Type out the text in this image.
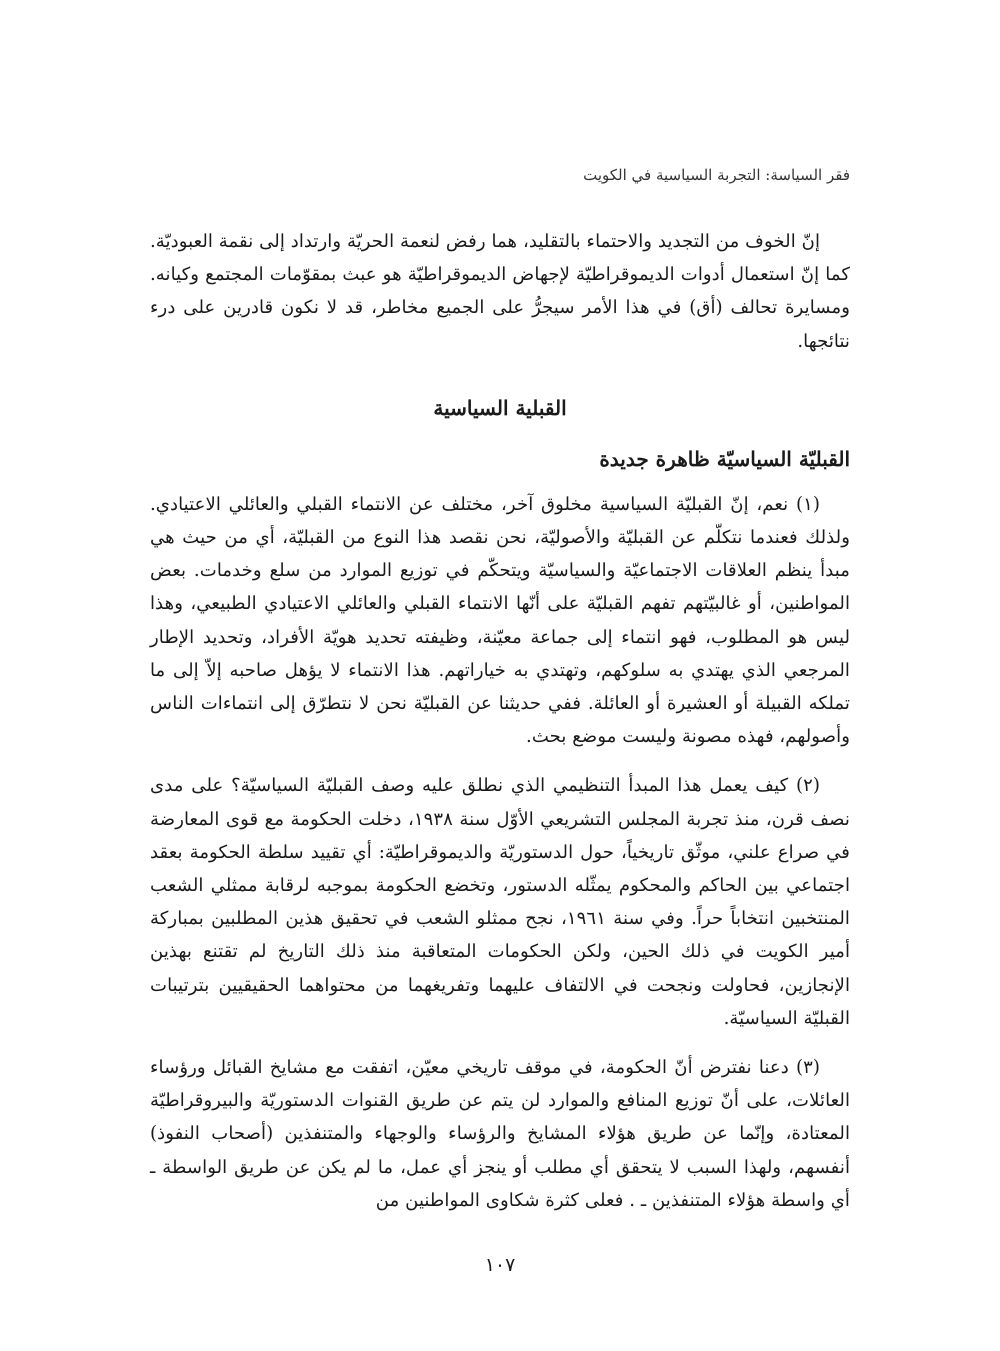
فقر السياسة: التجربة السياسية في الكويت

إنّ الخوف من التجديد والاحتماء بالتقليد، هما رفض لنعمة الحريّة وارتداد إلى نقمة العبوديّة. كما إنّ استعمال أدوات الديموقراطيّة لإجهاض الديموقراطيّة هو عبث بمقوّمات المجتمع وكيانه. ومسايرة تحالف (أق) في هذا الأمر سيجرُّ على الجميع مخاطر، قد لا نكون قادرين على درء نتائجها.

القبلية السياسية
القبليّة السياسيّة ظاهرة جديدة

(١) نعم، إنّ القبليّة السياسية مخلوق آخر، مختلف عن الانتماء القبلي والعائلي الاعتيادي. ولذلك فعندما نتكلّم عن القبليّة والأصوليّة، نحن نقصد هذا النوع من القبليّة، أي من حيث هي مبدأ ينظم العلاقات الاجتماعيّة والسياسيّة ويتحكّم في توزيع الموارد من سلع وخدمات. بعض المواطنين، أو غالبيّتهم تفهم القبليّة على أنّها الانتماء القبلي والعائلي الاعتيادي الطبيعي، وهذا ليس هو المطلوب، فهو انتماء إلى جماعة معيّنة، وظيفته تحديد هويّة الأفراد، وتحديد الإطار المرجعي الذي يهتدي به سلوكهم، وتهتدي به خياراتهم. هذا الانتماء لا يؤهل صاحبه إلاّ إلى ما تملكه القبيلة أو العشيرة أو العائلة. ففي حديثنا عن القبليّة نحن لا نتطرّق إلى انتماءات الناس وأصولهم، فهذه مصونة وليست موضع بحث.

(٢) كيف يعمل هذا المبدأ التنظيمي الذي نطلق عليه وصف القبليّة السياسيّة؟ على مدى نصف قرن، منذ تجربة المجلس التشريعي الأوّل سنة ١٩٣٨، دخلت الحكومة مع قوى المعارضة في صراع علني، موثّق تاريخياً، حول الدستوريّة والديموقراطيّة: أي تقييد سلطة الحكومة بعقد اجتماعي بين الحاكم والمحكوم يمثّله الدستور، وتخضع الحكومة بموجبه لرقابة ممثلي الشعب المنتخبين انتخاباً حراً. وفي سنة ١٩٦١، نجح ممثلو الشعب في تحقيق هذين المطلبين بمباركة أمير الكويت في ذلك الحين، ولكن الحكومات المتعاقبة منذ ذلك التاريخ لم تقتنع بهذين الإنجازين، فحاولت ونجحت في الالتفاف عليهما وتفريغهما من محتواهما الحقيقيين بترتيبات القبليّة السياسيّة.

(٣) دعنا نفترض أنّ الحكومة، في موقف تاريخي معيّن، اتفقت مع مشايخ القبائل ورؤساء العائلات، على أنّ توزيع المنافع والموارد لن يتم عن طريق القنوات الدستوريّة والبيروقراطيّة المعتادة، وإنّما عن طريق هؤلاء المشايخ والرؤساء والوجهاء والمتنفذين (أصحاب النفوذ) أنفسهم، ولهذا السبب لا يتحقق أي مطلب أو ينجز أي عمل، ما لم يكن عن طريق الواسطة ـ أي واسطة هؤلاء المتنفذين ـ . فعلى كثرة شكاوى المواطنين من

١٠٧
